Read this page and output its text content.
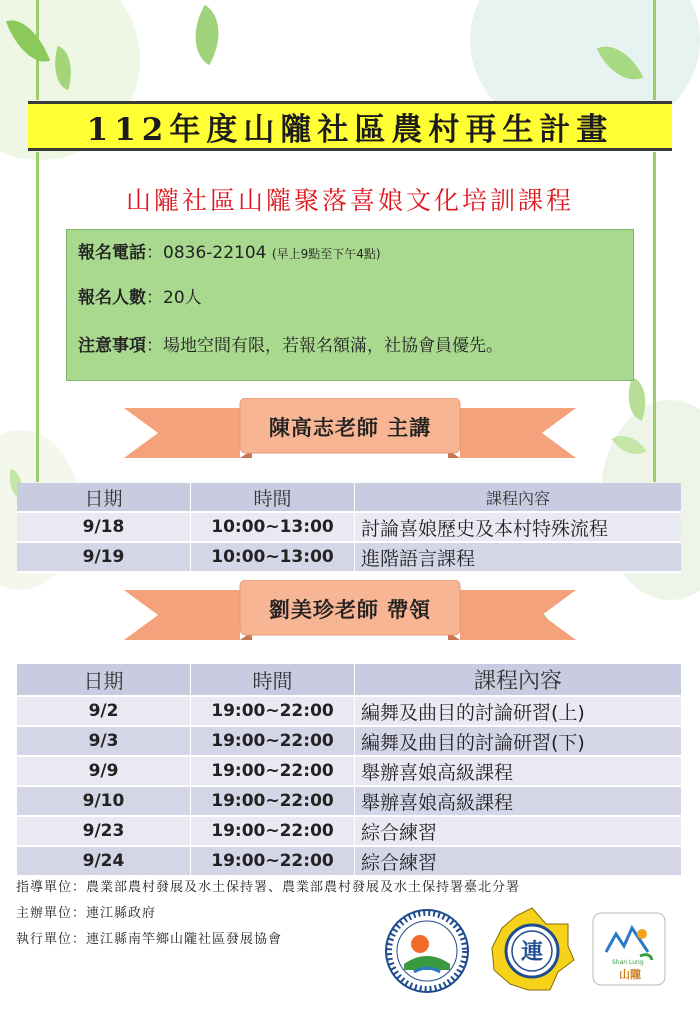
112年度山隴社區農村再生計畫
山隴社區山隴聚落喜娘文化培訓課程
報名電話：0836-22104 (早上9點至下午4點)
報名人數：20人
注意事項：場地空間有限，若報名額滿，社協會員優先。
陳高志老師 主講
日期	時間	課程內容
9/18	10:00~13:00	討論喜娘歷史及本村特殊流程
9/19	10:00~13:00	進階語言課程
劉美珍老師 帶領
日期	時間	課程內容
9/2	19:00~22:00	編舞及曲目的討論研習(上)
9/3	19:00~22:00	編舞及曲目的討論研習(下)
9/9	19:00~22:00	舉辦喜娘高級課程
9/10	19:00~22:00	舉辦喜娘高級課程
9/23	19:00~22:00	綜合練習
9/24	19:00~22:00	綜合練習
指導單位：農業部農村發展及水土保持署、農業部農村發展及水土保持署臺北分署
主辦單位：連江縣政府
執行單位：連江縣南竿鄉山隴社區發展協會	連	Shan Lung
山隴
